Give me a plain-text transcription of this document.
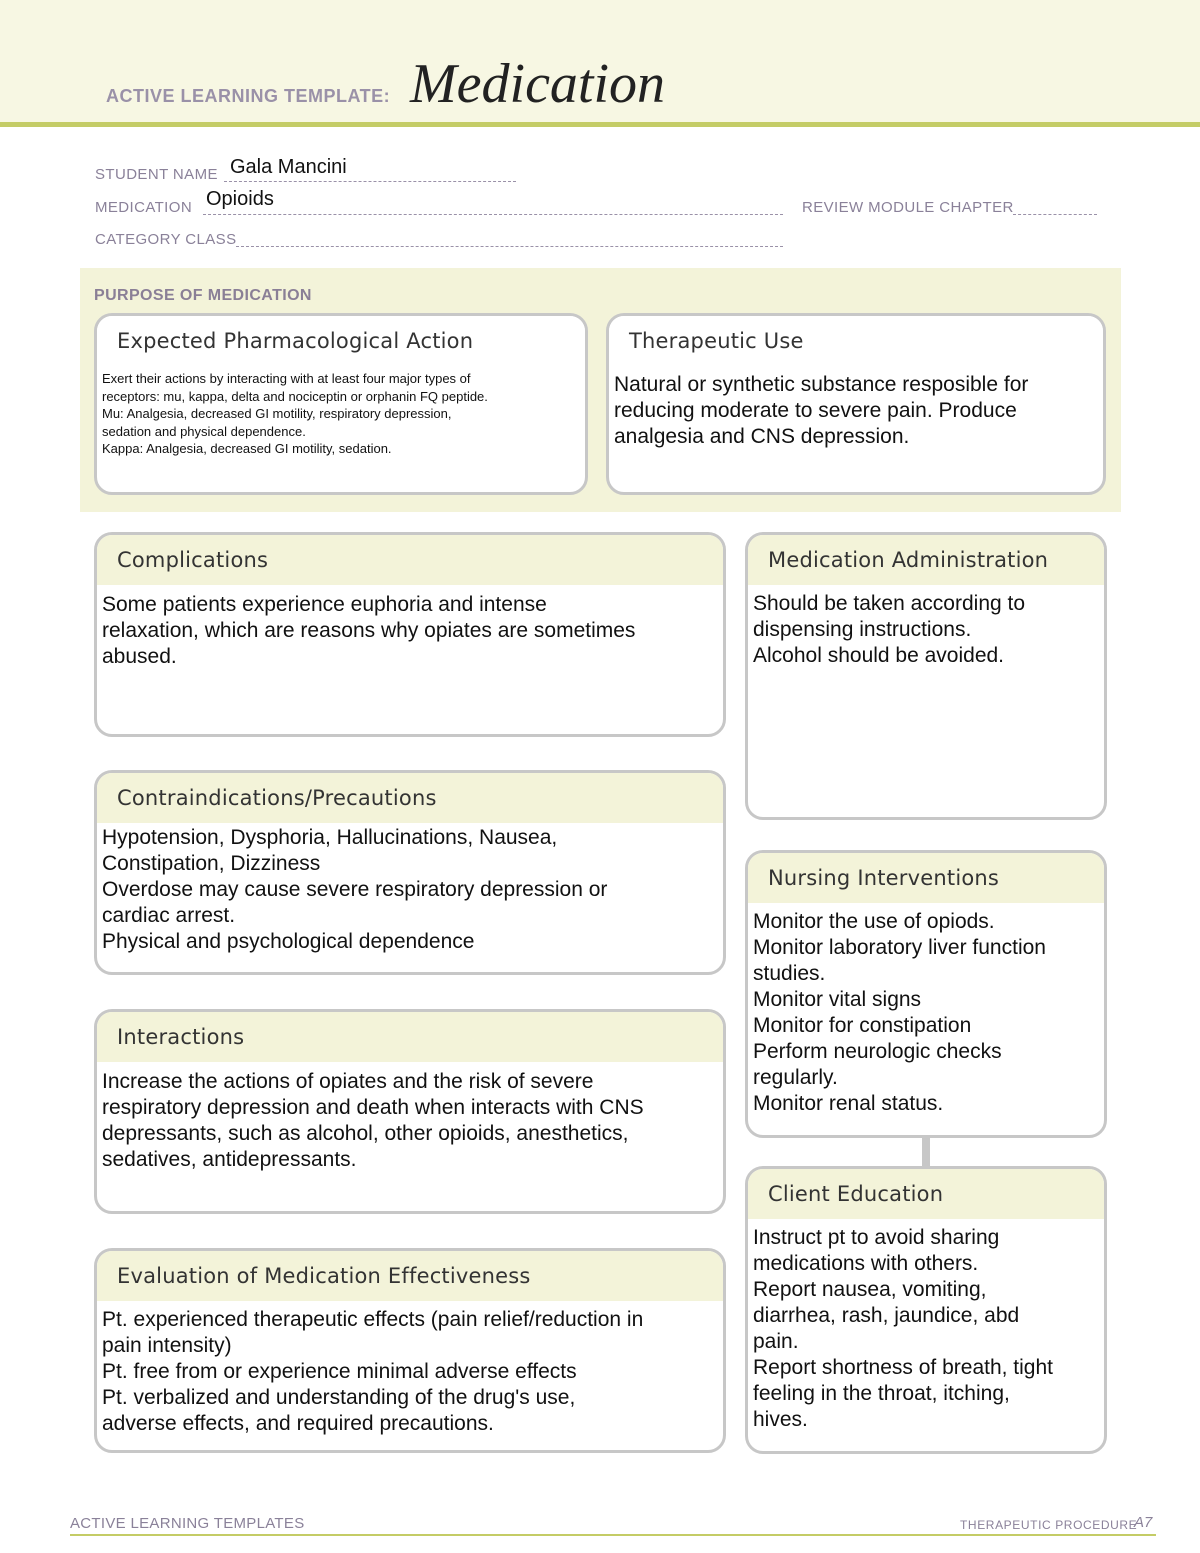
ACTIVE LEARNING TEMPLATE: Medication
STUDENT NAME Gala Mancini
MEDICATION Opioids	REVIEW MODULE CHAPTER
CATEGORY CLASS
PURPOSE OF MEDICATION
Expected Pharmacological Action
Exert their actions by interacting with at least four major types of
receptors: mu, kappa, delta and nociceptin or orphanin FQ peptide.
Mu: Analgesia, decreased GI motility, respiratory depression,
sedation and physical dependence.
Kappa: Analgesia, decreased GI motility, sedation.
Therapeutic Use
Natural or synthetic substance resposible for
reducing moderate to severe pain. Produce
analgesia and CNS depression.
Complications
Some patients experience euphoria and intense
relaxation, which are reasons why opiates are sometimes
abused.
Contraindications/Precautions
Hypotension, Dysphoria, Hallucinations, Nausea,
Constipation, Dizziness
Overdose may cause severe respiratory depression or
cardiac arrest.
Physical and psychological dependence
Interactions
Increase the actions of opiates and the risk of severe
respiratory depression and death when interacts with CNS
depressants, such as alcohol, other opioids, anesthetics,
sedatives, antidepressants.
Evaluation of Medication Effectiveness
Pt. experienced therapeutic effects (pain relief/reduction in
pain intensity)
Pt. free from or experience minimal adverse effects
Pt. verbalized and understanding of the drug's use,
adverse effects, and required precautions.
Medication Administration
Should be taken according to
dispensing instructions.
Alcohol should be avoided.
Nursing Interventions
Monitor the use of opiods.
Monitor laboratory liver function
studies.
Monitor vital signs
Monitor for constipation
Perform neurologic checks
regularly.
Monitor renal status.
Client Education
Instruct pt to avoid sharing
medications with others.
Report nausea, vomiting,
diarrhea, rash, jaundice, abd
pain.
Report shortness of breath, tight
feeling in the throat, itching,
hives.
ACTIVE LEARNING TEMPLATES	THERAPEUTIC PROCEDURE
A7
